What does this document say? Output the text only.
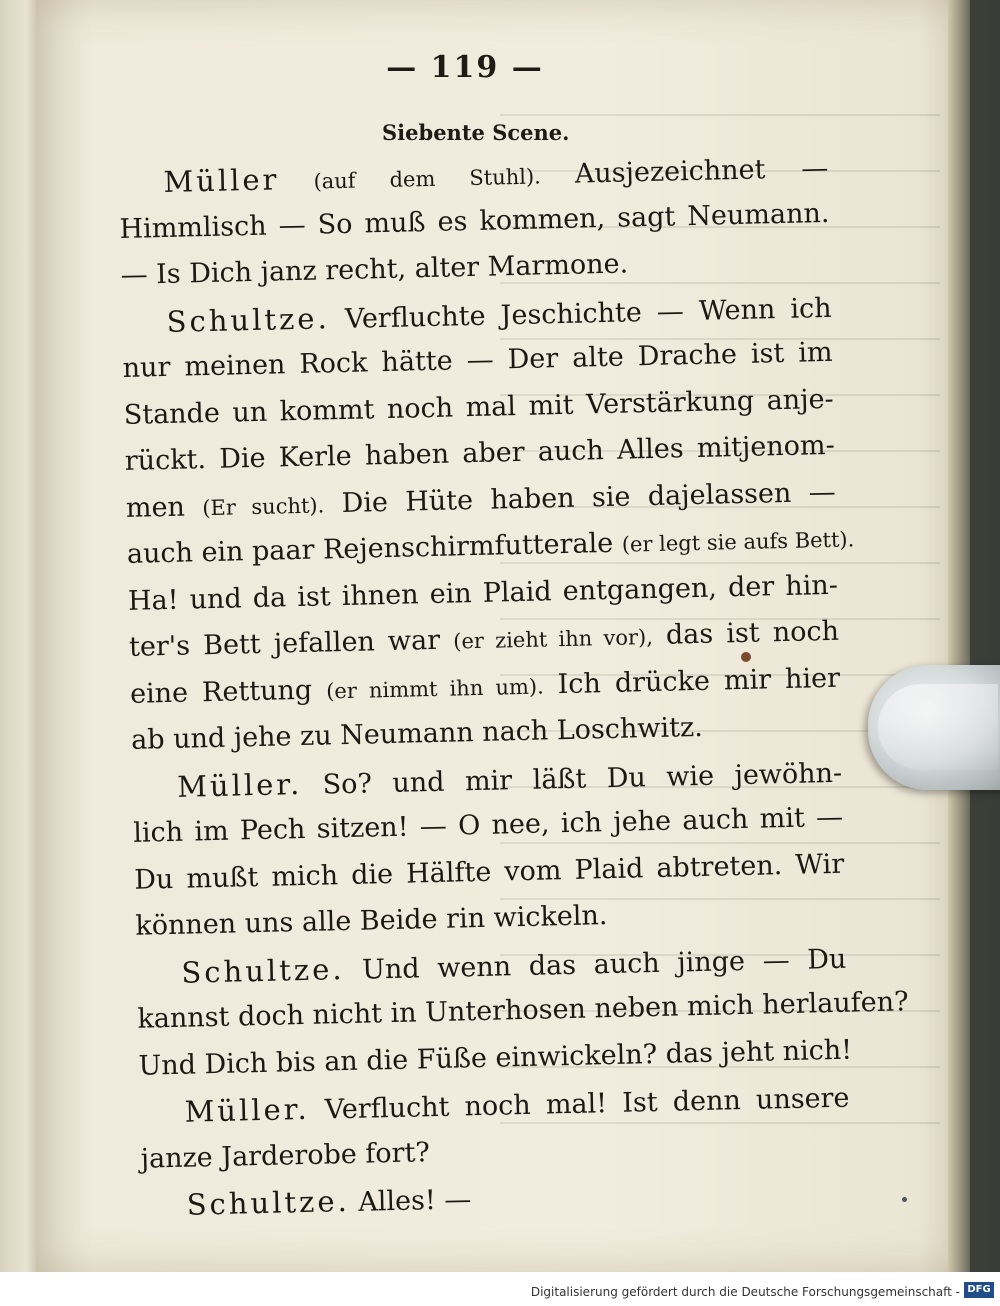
— 119 —
Siebente Scene.
Müller (auf dem Stuhl). Ausjezeichnet —
Himmlisch — So muß es kommen, sagt Neumann.
— Is Dich janz recht, alter Marmone.
Schultze. Verfluchte Jeschichte — Wenn ich
nur meinen Rock hätte — Der alte Drache ist im
Stande un kommt noch mal mit Verstärkung anje-
rückt. Die Kerle haben aber auch Alles mitjenom-
men (Er sucht). Die Hüte haben sie dajelassen —
auch ein paar Rejenschirmfutterale (er legt sie aufs Bett).
Ha! und da ist ihnen ein Plaid entgangen, der hin-
ter's Bett jefallen war (er zieht ihn vor), das ist noch
eine Rettung (er nimmt ihn um). Ich drücke mir hier
ab und jehe zu Neumann nach Loschwitz.
Müller. So? und mir läßt Du wie jewöhn-
lich im Pech sitzen! — O nee, ich jehe auch mit —
Du mußt mich die Hälfte vom Plaid abtreten. Wir
können uns alle Beide rin wickeln.
Schultze. Und wenn das auch jinge — Du
kannst doch nicht in Unterhosen neben mich herlaufen?
Und Dich bis an die Füße einwickeln? das jeht nich!
Müller. Verflucht noch mal! Ist denn unsere
janze Jarderobe fort?
Schultze. Alles! —
Digitalisierung gefördert durch die Deutsche Forschungsgemeinschaft - DFG
